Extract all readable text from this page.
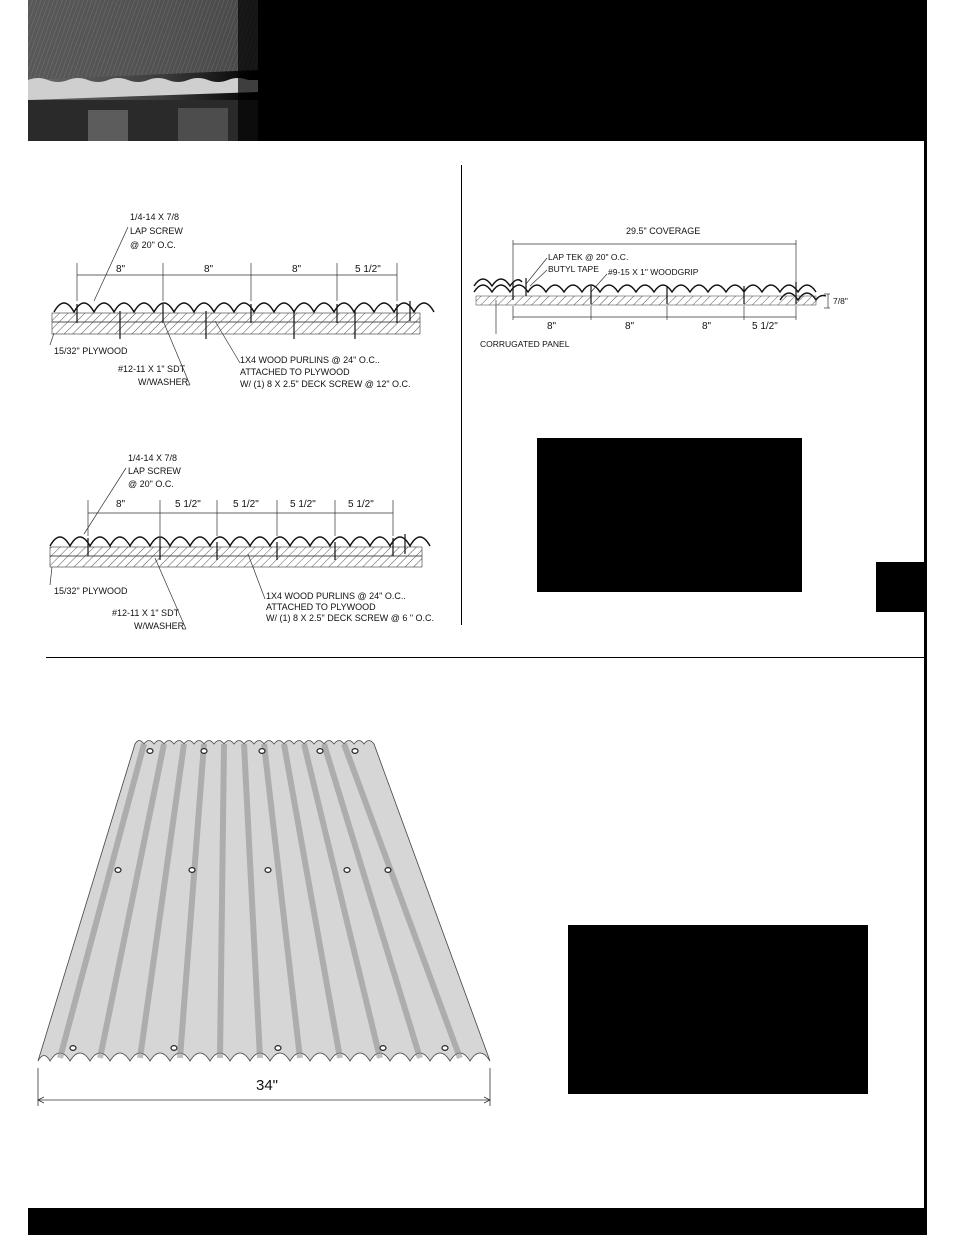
1/4-14 X 7/8
LAP SCREW
@ 20" O.C.
8"	8"	8"	5 1/2"
15/32" PLYWOOD
#12-11 X 1" SDT
W/WASHER
1X4 WOOD PURLINS @ 24" O.C..
ATTACHED TO PLYWOOD
W/ (1) 8 X 2.5" DECK SCREW @ 12" O.C.
29.5" COVERAGE
LAP TEK @ 20" O.C.
BUTYL TAPE #9-15 X 1" WOODGRIP
7/8"
8"	8"	8"	5 1/2"
CORRUGATED PANEL
1/4-14 X 7/8
LAP SCREW
@ 20" O.C.
8"	5 1/2"	5 1/2"	5 1/2"	5 1/2"
15/32" PLYWOOD
#12-11 X 1" SDT
W/WASHER
1X4 WOOD PURLINS @ 24" O.C..
ATTACHED TO PLYWOOD
W/ (1) 8 X 2.5" DECK SCREW @ 6 " O.C.
34"
